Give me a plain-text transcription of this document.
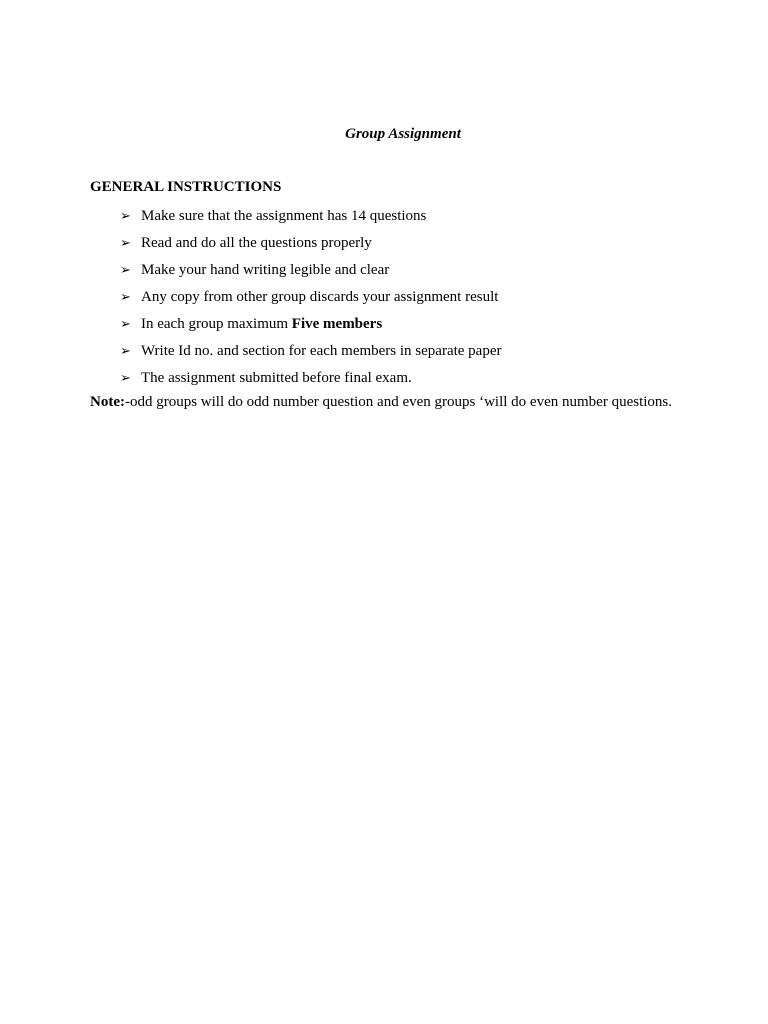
Group Assignment
GENERAL INSTRUCTIONS
➢ Make sure that the assignment has 14 questions
➢ Read and do all the questions properly
➢ Make your hand writing legible and clear
➢ Any copy from other group discards your assignment result
➢ In each group maximum Five members
➢ Write Id no. and section for each members in separate paper
➢ The assignment submitted before final exam.
Note:-odd groups will do odd number question and even groups ‘will do even number questions.
